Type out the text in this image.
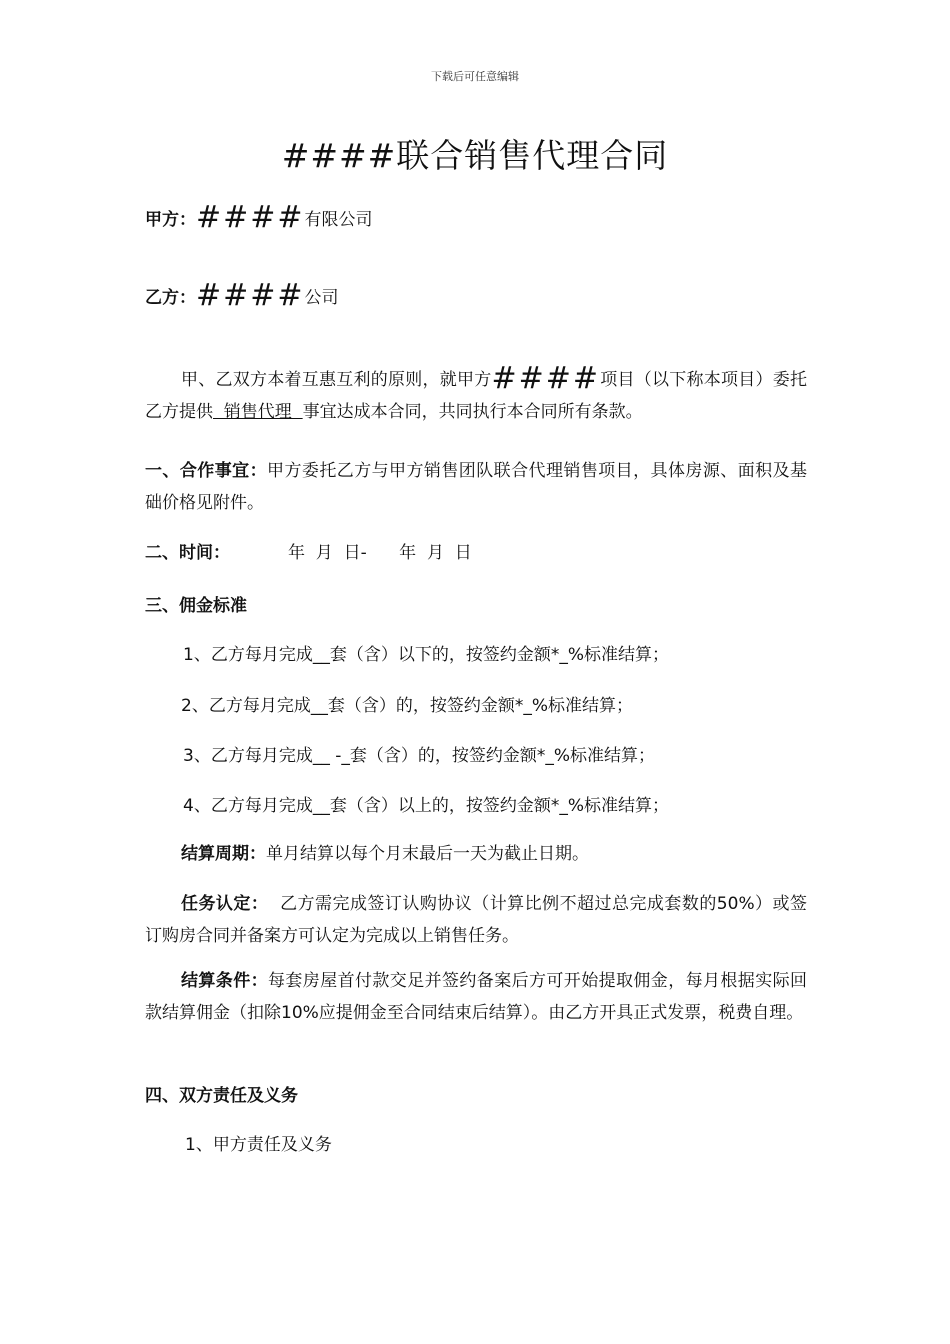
下载后可任意编辑
####联合销售代理合同
甲方：####有限公司
乙方：####公司
甲、乙双方本着互惠互利的原则，就甲方####项目（以下称本项目）委托乙方提供  销售代理  事宜达成本合同，共同执行本合同所有条款。
一、合作事宜：甲方委托乙方与甲方销售团队联合代理销售项目，具体房源、面积及基础价格见附件。
二、时间：	年  月  日-      年  月  日
三、佣金标准
1、乙方每月完成__套（含）以下的，按签约金额*_%标准结算；
2、乙方每月完成__套（含）的，按签约金额*_%标准结算；
3、乙方每月完成__ -_套（含）的，按签约金额*_%标准结算；
4、乙方每月完成__套（含）以上的，按签约金额*_%标准结算；
结算周期：单月结算以每个月末最后一天为截止日期。
任务认定：  乙方需完成签订认购协议（计算比例不超过总完成套数的50%）或签订购房合同并备案方可认定为完成以上销售任务。
结算条件：每套房屋首付款交足并签约备案后方可开始提取佣金，每月根据实际回款结算佣金（扣除10%应提佣金至合同结束后结算）。由乙方开具正式发票，税费自理。
四、双方责任及义务
1、甲方责任及义务
